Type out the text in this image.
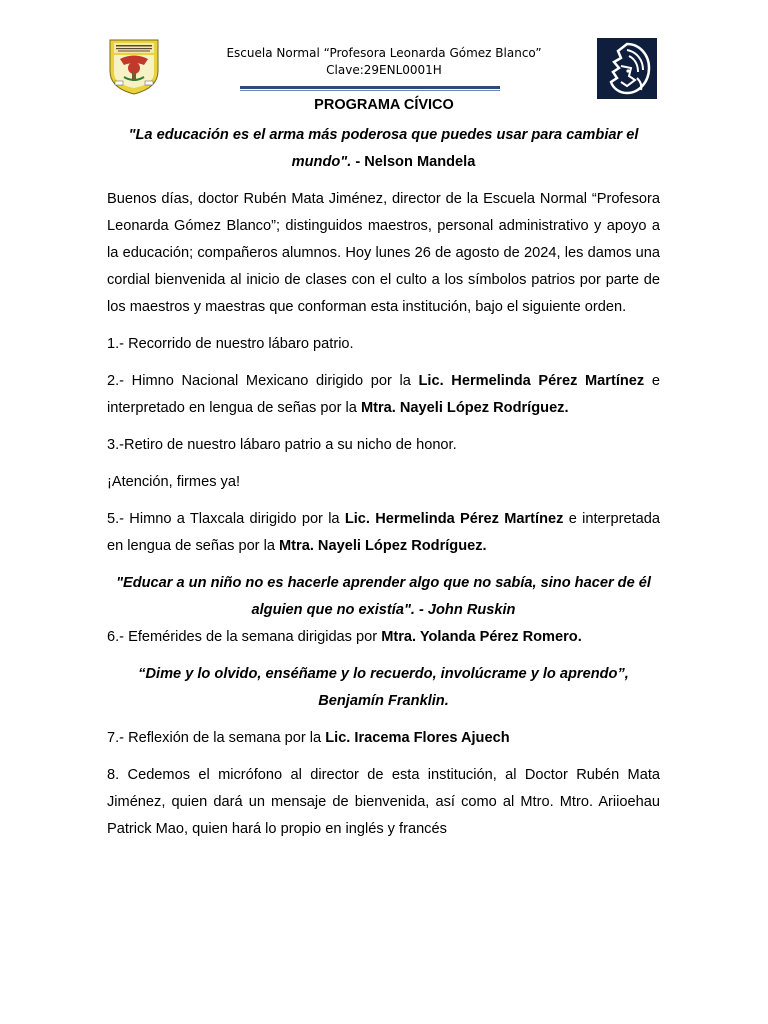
Escuela Normal “Profesora Leonarda Gómez Blanco”
Clave:29ENL0001H
PROGRAMA CÍVICO

"La educación es el arma más poderosa que puedes usar para cambiar el mundo". - Nelson Mandela

Buenos días, doctor Rubén Mata Jiménez, director de la Escuela Normal “Profesora Leonarda Gómez Blanco”; distinguidos maestros, personal administrativo y apoyo a la educación; compañeros alumnos. Hoy lunes 26 de agosto de 2024, les damos una cordial bienvenida al inicio de clases con el culto a los símbolos patrios por parte de los maestros y maestras que conforman esta institución, bajo el siguiente orden.

1.- Recorrido de nuestro lábaro patrio.

2.- Himno Nacional Mexicano dirigido por la Lic. Hermelinda Pérez Martínez e interpretado en lengua de señas por la Mtra. Nayeli López Rodríguez.

3.-Retiro de nuestro lábaro patrio a su nicho de honor.

¡Atención, firmes ya!

5.- Himno a Tlaxcala dirigido por la Lic. Hermelinda Pérez Martínez e interpretada en lengua de señas por la Mtra. Nayeli López Rodríguez.

"Educar a un niño no es hacerle aprender algo que no sabía, sino hacer de él alguien que no existía". - John Ruskin

6.- Efemérides de la semana dirigidas por Mtra. Yolanda Pérez Romero.

“Dime y lo olvido, enséñame y lo recuerdo, involúcrame y lo aprendo”, Benjamín Franklin.

7.- Reflexión de la semana por la Lic. Iracema Flores Ajuech

8. Cedemos el micrófono al director de esta institución, al Doctor Rubén Mata Jiménez, quien dará un mensaje de bienvenida, así como al Mtro. Mtro. Ariioehau Patrick Mao, quien hará lo propio en inglés y francés
